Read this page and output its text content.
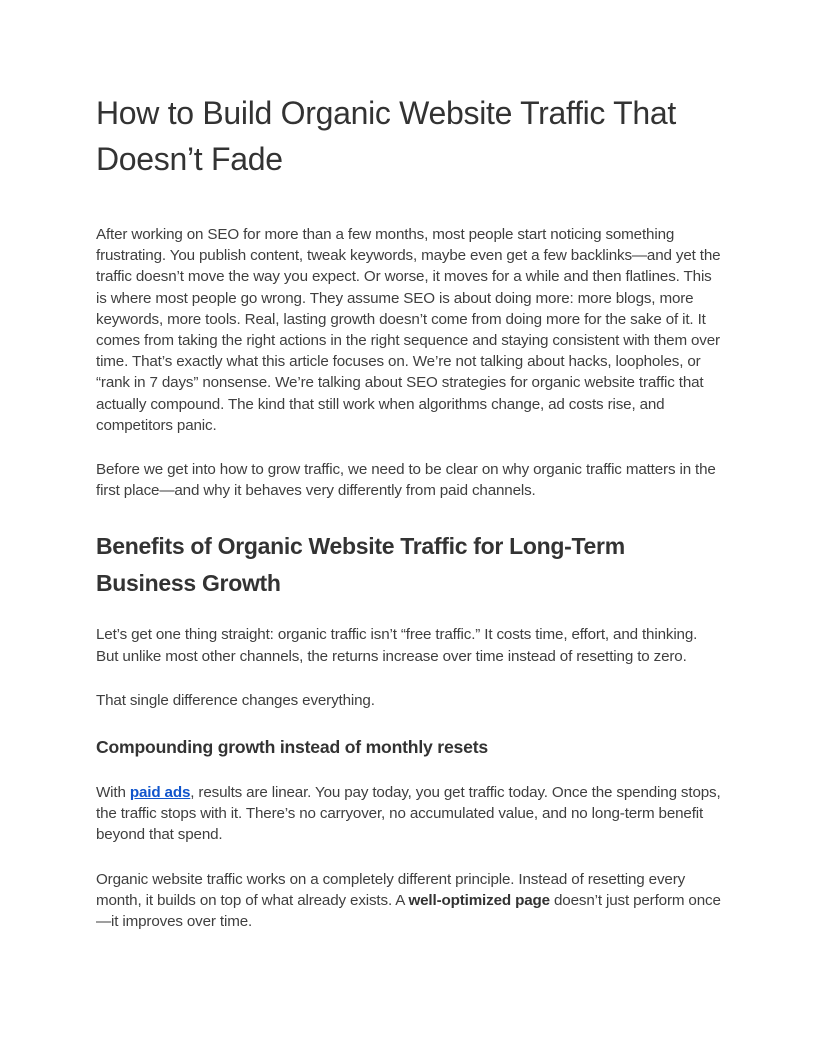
How to Build Organic Website Traffic That Doesn’t Fade

After working on SEO for more than a few months, most people start noticing something frustrating. You publish content, tweak keywords, maybe even get a few backlinks—and yet the traffic doesn’t move the way you expect. Or worse, it moves for a while and then flatlines. This is where most people go wrong. They assume SEO is about doing more: more blogs, more keywords, more tools. Real, lasting growth doesn’t come from doing more for the sake of it. It comes from taking the right actions in the right sequence and staying consistent with them over time. That’s exactly what this article focuses on. We’re not talking about hacks, loopholes, or “rank in 7 days” nonsense. We’re talking about SEO strategies for organic website traffic that actually compound. The kind that still work when algorithms change, ad costs rise, and competitors panic.

Before we get into how to grow traffic, we need to be clear on why organic traffic matters in the first place—and why it behaves very differently from paid channels.

Benefits of Organic Website Traffic for Long-Term Business Growth

Let’s get one thing straight: organic traffic isn’t “free traffic.” It costs time, effort, and thinking. But unlike most other channels, the returns increase over time instead of resetting to zero.

That single difference changes everything.

Compounding growth instead of monthly resets

With paid ads, results are linear. You pay today, you get traffic today. Once the spending stops, the traffic stops with it. There’s no carryover, no accumulated value, and no long-term benefit beyond that spend.

Organic website traffic works on a completely different principle. Instead of resetting every month, it builds on top of what already exists. A well-optimized page doesn’t just perform once—it improves over time.
